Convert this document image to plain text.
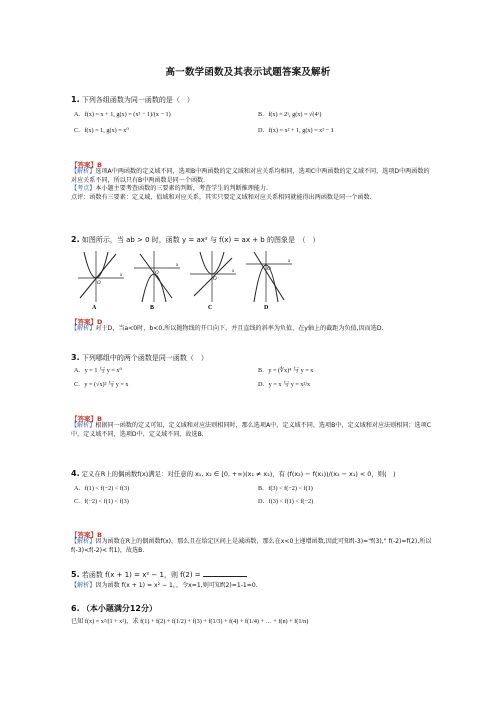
高一数学函数及其表示试题答案及解析
1. 下列各组函数为同一函数的是（　）
A．f(x) = x + 1, g(x) = (x² − 1)/(x − 1)	B．f(x) = 2ˣ, g(x) = √(4ˣ)
C．f(x) = 1, g(x) = x⁰	D．f(x) = x² + 1, g(x) = x² − 1
【答案】B
【解析】选项A中两函数的定义域不同，选项B中两函数的定义域和对应关系均相同，选项C中两函数的定义域不同，选项D中两函数的对应关系不同，所以只有B中两函数是同一个函数.
【考点】本小题主要考查函数的三要素的判断，考查学生的判断推理能力.
点评：函数有三要素：定义域、值域和对应关系，其实只要定义域和对应关系相同就能得出两函数是同一个函数.
2. 如图所示，当 ab > 0 时，函数 y = ax² 与 f(x) = ax + b 的图象是　（　）
x
O
x
O	x
O
x
O
A	B	C	D
【答案】D
【解析】对于D，当a<0时，b<0,所以抛物线的开口向下，并且直线的斜率为负值，在y轴上的截距为负值,因而选D.
3. 下列哪组中的两个函数是同一函数（　）
A．y = 1 与 y = x⁰	B．y = (∜x)⁴ 与 y = x
C．y = (√x)² 与 y = x	D．y = x 与 y = x²/x
【答案】B
【解析】根据同一函数的定义可知，定义域和对应法则相同时，那么选项A中，定义域不同，选项B中，定义域和对应法则相同；选项C中，定义域不同，选项D中，定义域不同，故选B.
4. 定义在R上的偶函数f(x)满足：对任意的 x₁, x₂ ∈ [0, +∞)(x₁ ≠ x₂)，有 (f(x₂) − f(x₁))/(x₂ − x₁) < 0，则(　)
A．f(1) < f(−2) < f(3)	B．f(3) < f(−2) < f(1)
C．f(−2) < f(1) < f(3)	D．f(3) < f(1) < f(−2)
【答案】B
【解析】因为函数在R上的偶函数f(x)，那么且在给定区间上是减函数，那么在x<0上递增函数,因此可知f(-3)="f(3)," f(-2)=f(2),所以f(-3)<f(-2)< f(1)，故选B.
5. 若函数 f(x + 1) = x² − 1，则 f(2) =
【解析】因为函数 f(x + 1) = x² − 1，，令x=1,则可知f(2)=1-1=0.
6. （本小题满分12分）
已知 f(x) = x²/(1 + x²)，求 f(1) + f(2) + f(1/2) + f(3) + f(1/3) + f(4) + f(1/4) + … + f(n) + f(1/n)
